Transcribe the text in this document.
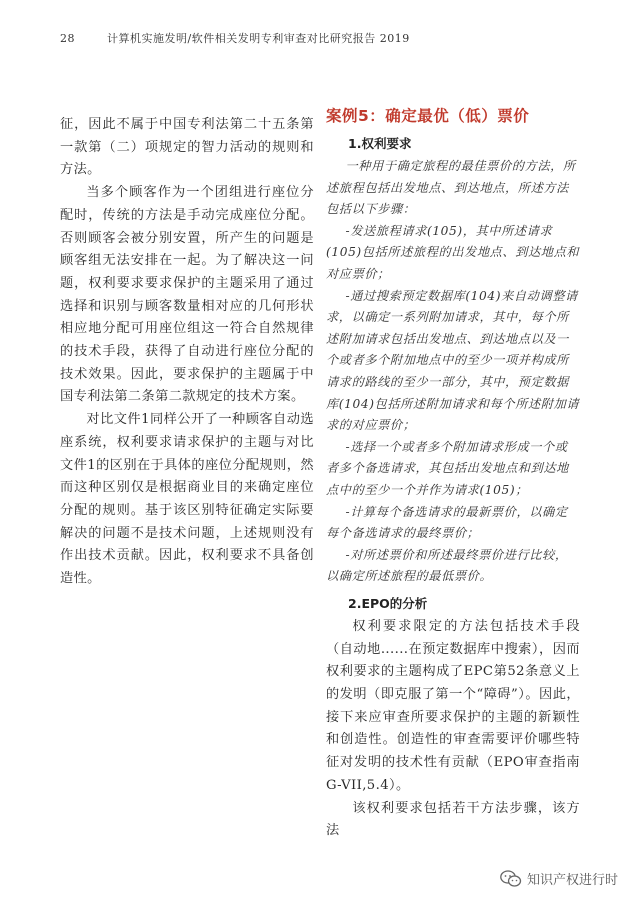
28	计算机实施发明/软件相关发明专利审查对比研究报告 2019

征，因此不属于中国专利法第二十五条第一款第（二）项规定的智力活动的规则和方法。

当多个顾客作为一个团组进行座位分配时，传统的方法是手动完成座位分配。否则顾客会被分别安置，所产生的问题是顾客组无法安排在一起。为了解决这一问题，权利要求要求保护的主题采用了通过选择和识别与顾客数量相对应的几何形状相应地分配可用座位组这一符合自然规律的技术手段，获得了自动进行座位分配的技术效果。因此，要求保护的主题属于中国专利法第二条第二款规定的技术方案。

对比文件1同样公开了一种顾客自动选座系统，权利要求请求保护的主题与对比文件1的区别在于具体的座位分配规则，然而这种区别仅是根据商业目的来确定座位分配的规则。基于该区别特征确定实际要解决的问题不是技术问题，上述规则没有作出技术贡献。因此，权利要求不具备创造性。

案例5：确定最优（低）票价
1.权利要求

一种用于确定旅程的最佳票价的方法，所述旅程包括出发地点、到达地点，所述方法包括以下步骤：

-发送旅程请求(105)，其中所述请求(105)包括所述旅程的出发地点、到达地点和对应票价；

-通过搜索预定数据库(104)来自动调整请求，以确定一系列附加请求，其中，每个所述附加请求包括出发地点、到达地点以及一个或者多个附加地点中的至少一项并构成所请求的路线的至少一部分，其中，预定数据库(104)包括所述附加请求和每个所述附加请求的对应票价；

-选择一个或者多个附加请求形成一个或者多个备选请求，其包括出发地点和到达地点中的至少一个并作为请求(105)；

-计算每个备选请求的最新票价，以确定每个备选请求的最终票价；

-对所述票价和所述最终票价进行比较，以确定所述旅程的最低票价。

2.EPO的分析

权利要求限定的方法包括技术手段（自动地......在预定数据库中搜索），因而权利要求的主题构成了EPC第52条意义上的发明（即克服了第一个“障碍”）。因此，接下来应审查所要求保护的主题的新颖性和创造性。创造性的审查需要评价哪些特征对发明的技术性有贡献（EPO审查指南G-VII,5.4）。

该权利要求包括若干方法步骤，该方法

知识产权进行时
